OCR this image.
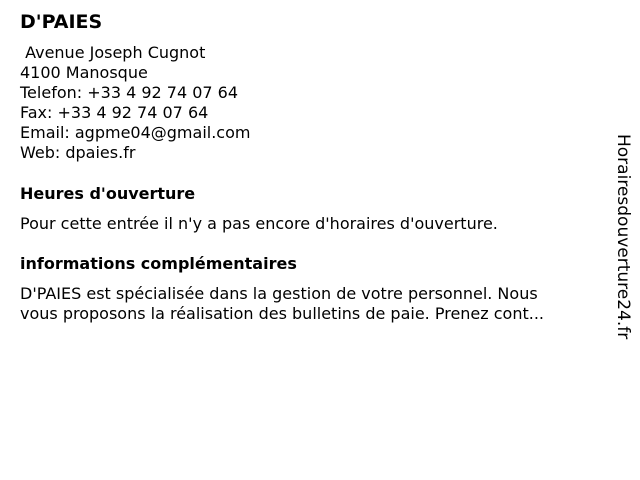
D'PAIES
Avenue Joseph Cugnot
4100 Manosque
Telefon: +33 4 92 74 07 64
Fax: +33 4 92 74 07 64
Email: agpme04@gmail.com
Web: dpaies.fr
Heures d'ouverture

Pour cette entrée il n'y a pas encore d'horaires d'ouverture.

informations complémentaires
D'PAIES est spécialisée dans la gestion de votre personnel. Nous
vous proposons la réalisation des bulletins de paie. Prenez cont...	Horairesdouverture24.fr
